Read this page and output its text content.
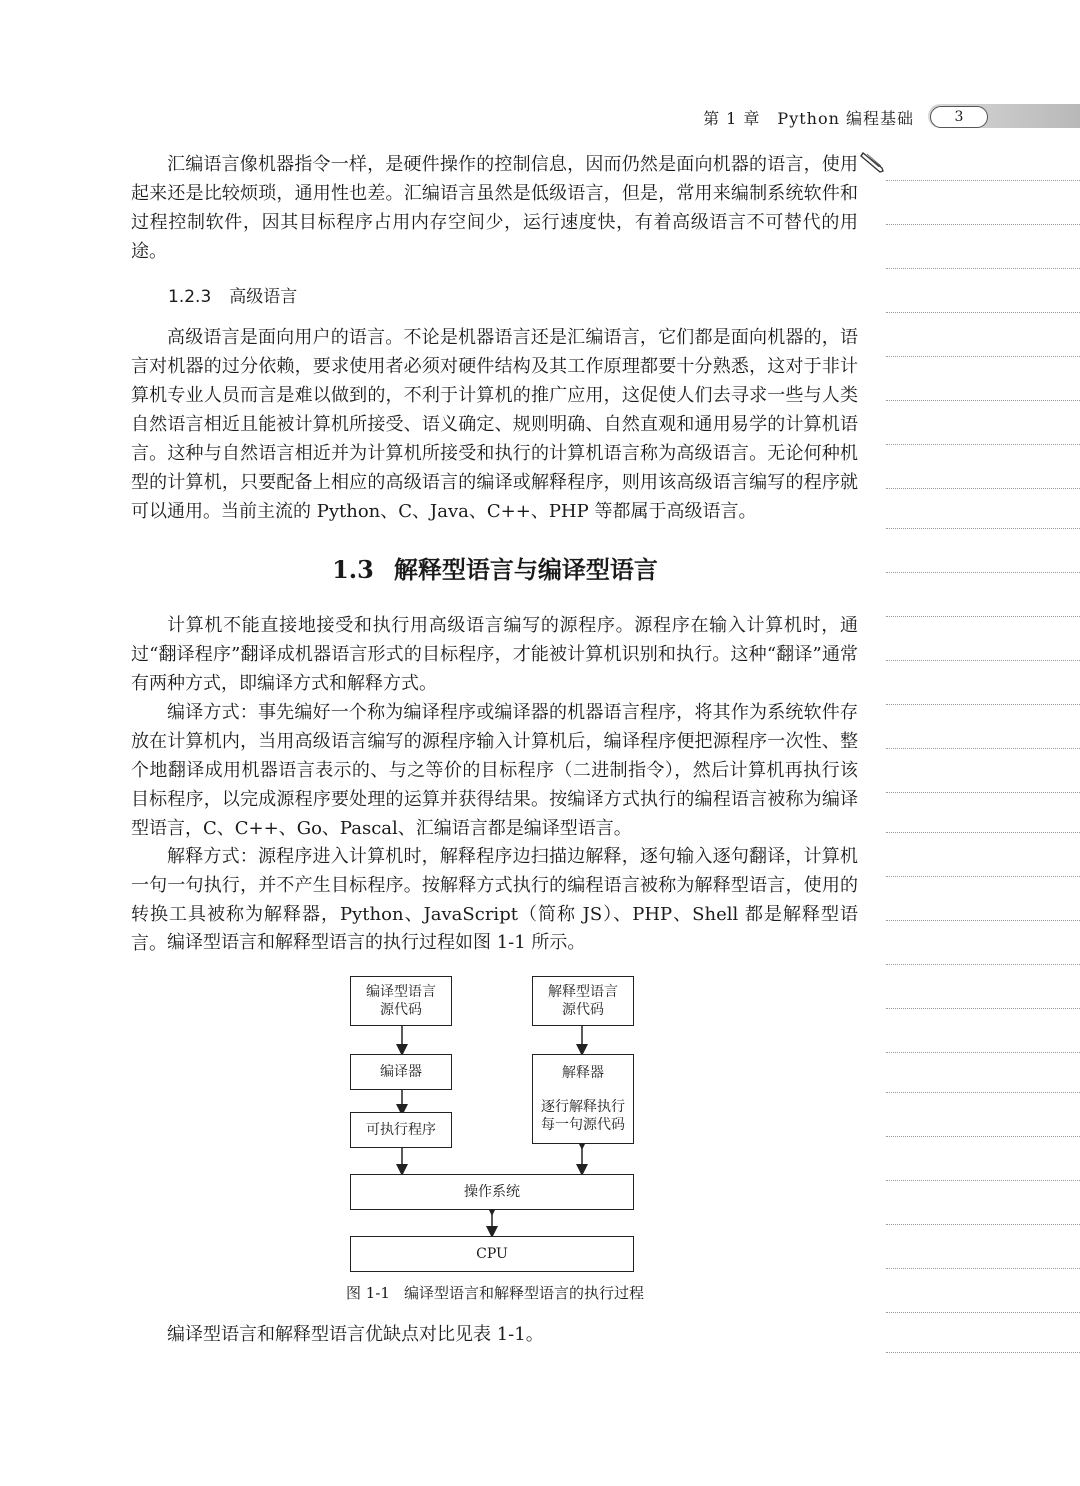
第 1 章　Python 编程基础	3

汇编语言像机器指令一样，是硬件操作的控制信息，因而仍然是面向机器的语言，使用起来还是比较烦琐，通用性也差。汇编语言虽然是低级语言，但是，常用来编制系统软件和过程控制软件，因其目标程序占用内存空间少，运行速度快，有着高级语言不可替代的用途。

1.2.3 高级语言

高级语言是面向用户的语言。不论是机器语言还是汇编语言，它们都是面向机器的，语言对机器的过分依赖，要求使用者必须对硬件结构及其工作原理都要十分熟悉，这对于非计算机专业人员而言是难以做到的，不利于计算机的推广应用，这促使人们去寻求一些与人类自然语言相近且能被计算机所接受、语义确定、规则明确、自然直观和通用易学的计算机语言。这种与自然语言相近并为计算机所接受和执行的计算机语言称为高级语言。无论何种机型的计算机，只要配备上相应的高级语言的编译或解释程序，则用该高级语言编写的程序就可以通用。当前主流的 Python、C、Java、C++、PHP 等都属于高级语言。

1.3 解释型语言与编译型语言

计算机不能直接地接受和执行用高级语言编写的源程序。源程序在输入计算机时，通过“翻译程序”翻译成机器语言形式的目标程序，才能被计算机识别和执行。这种“翻译”通常有两种方式，即编译方式和解释方式。

编译方式：事先编好一个称为编译程序或编译器的机器语言程序，将其作为系统软件存放在计算机内，当用高级语言编写的源程序输入计算机后，编译程序便把源程序一次性、整个地翻译成用机器语言表示的、与之等价的目标程序（二进制指令），然后计算机再执行该目标程序，以完成源程序要处理的运算并获得结果。按编译方式执行的编程语言被称为编译型语言，C、C++、Go、Pascal、汇编语言都是编译型语言。

解释方式：源程序进入计算机时，解释程序边扫描边解释，逐句输入逐句翻译，计算机一句一句执行，并不产生目标程序。按解释方式执行的编程语言被称为解释型语言，使用的转换工具被称为解释器，Python、JavaScript（简称 JS）、PHP、Shell 都是解释型语言。 编译型语言和解释型语言的执行过程如图 1-1 所示。

编译型语言
源代码
解释型语言
源代码
编译器	解释器
逐行解释执行
每一句源代码
可执行程序
操作系统
CPU
图 1-1 编译型语言和解释型语言的执行过程

编译型语言和解释型语言优缺点对比见表 1-1。
